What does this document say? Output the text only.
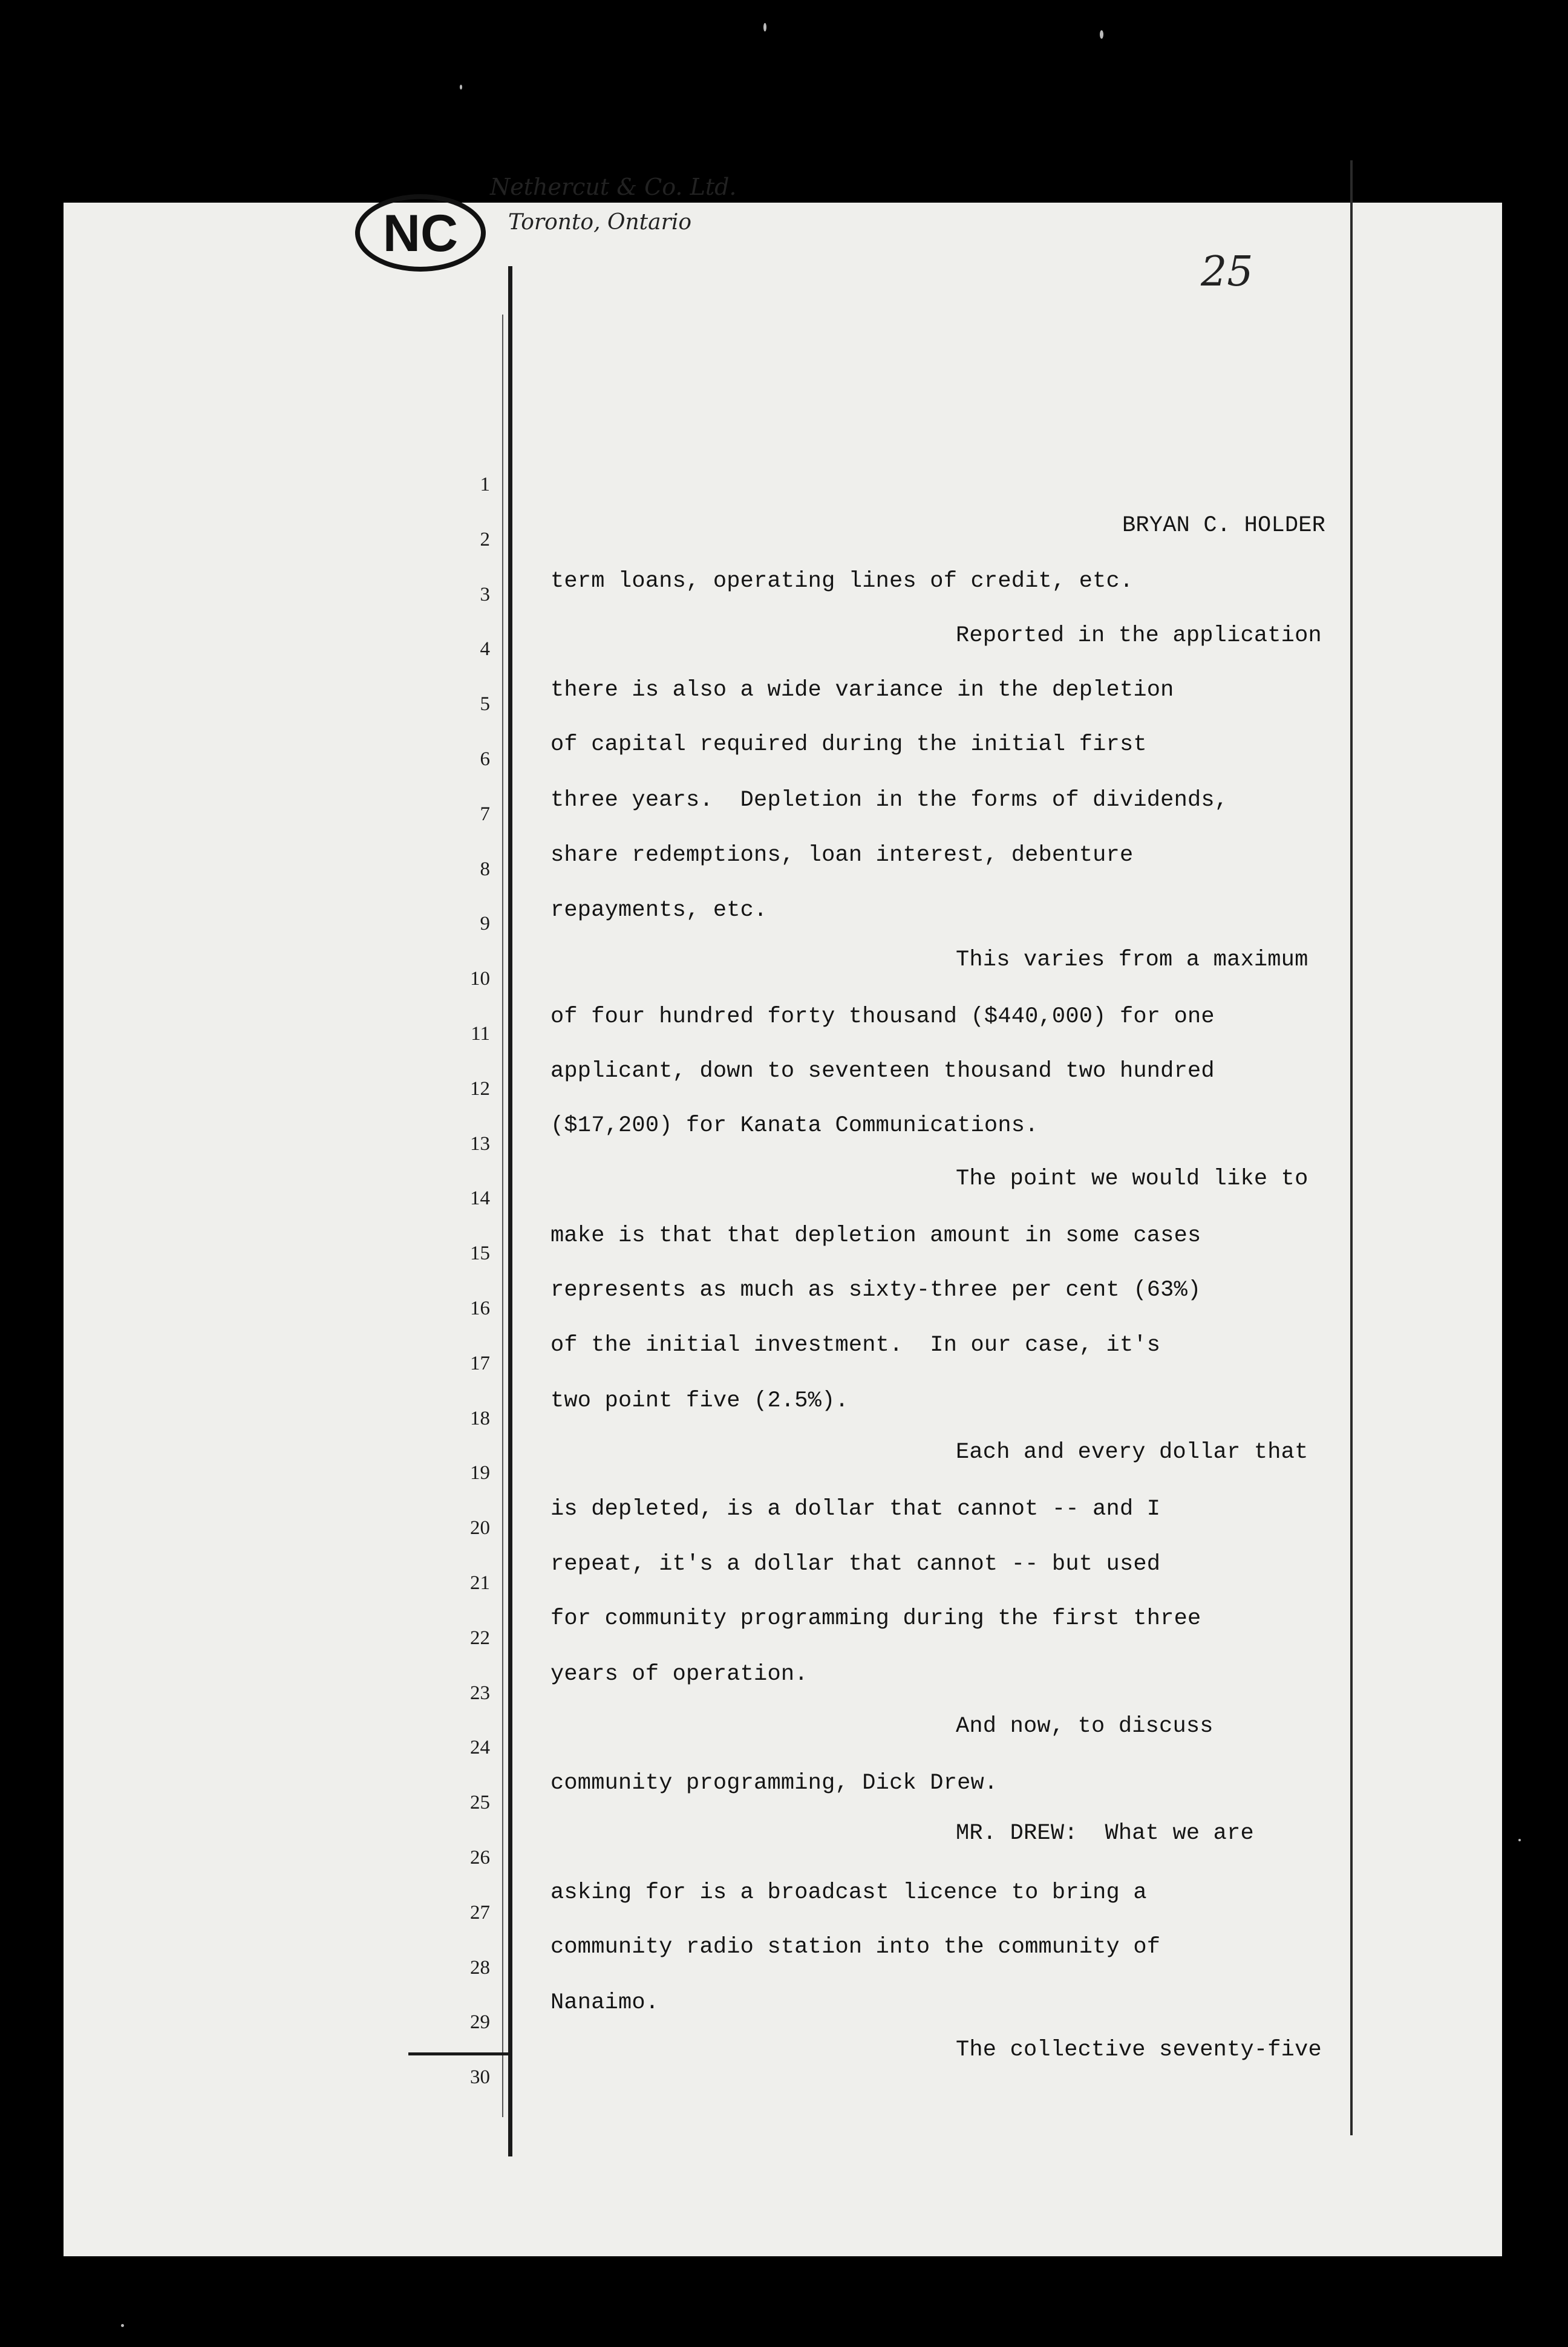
NC
Nethercut & Co. Ltd.
Toronto, Ontario
25
1
2
3
4
5
6
7
8
9
10
11
12
13
14
15
16
17
18
19
20
21
22
23
24
25
26
27
28
29
30
BRYAN C. HOLDER
term loans, operating lines of credit, etc.
Reported in the application
there is also a wide variance in the depletion
of capital required during the initial first
three years.  Depletion in the forms of dividends,
share redemptions, loan interest, debenture
repayments, etc.
This varies from a maximum
of four hundred forty thousand ($440,000) for one
applicant, down to seventeen thousand two hundred
($17,200) for Kanata Communications.
The point we would like to
make is that that depletion amount in some cases
represents as much as sixty-three per cent (63%)
of the initial investment.  In our case, it's
two point five (2.5%).
Each and every dollar that
is depleted, is a dollar that cannot -- and I
repeat, it's a dollar that cannot -- but used
for community programming during the first three
years of operation.
And now, to discuss
community programming, Dick Drew.
MR. DREW:  What we are
asking for is a broadcast licence to bring a
community radio station into the community of
Nanaimo.
The collective seventy-five
